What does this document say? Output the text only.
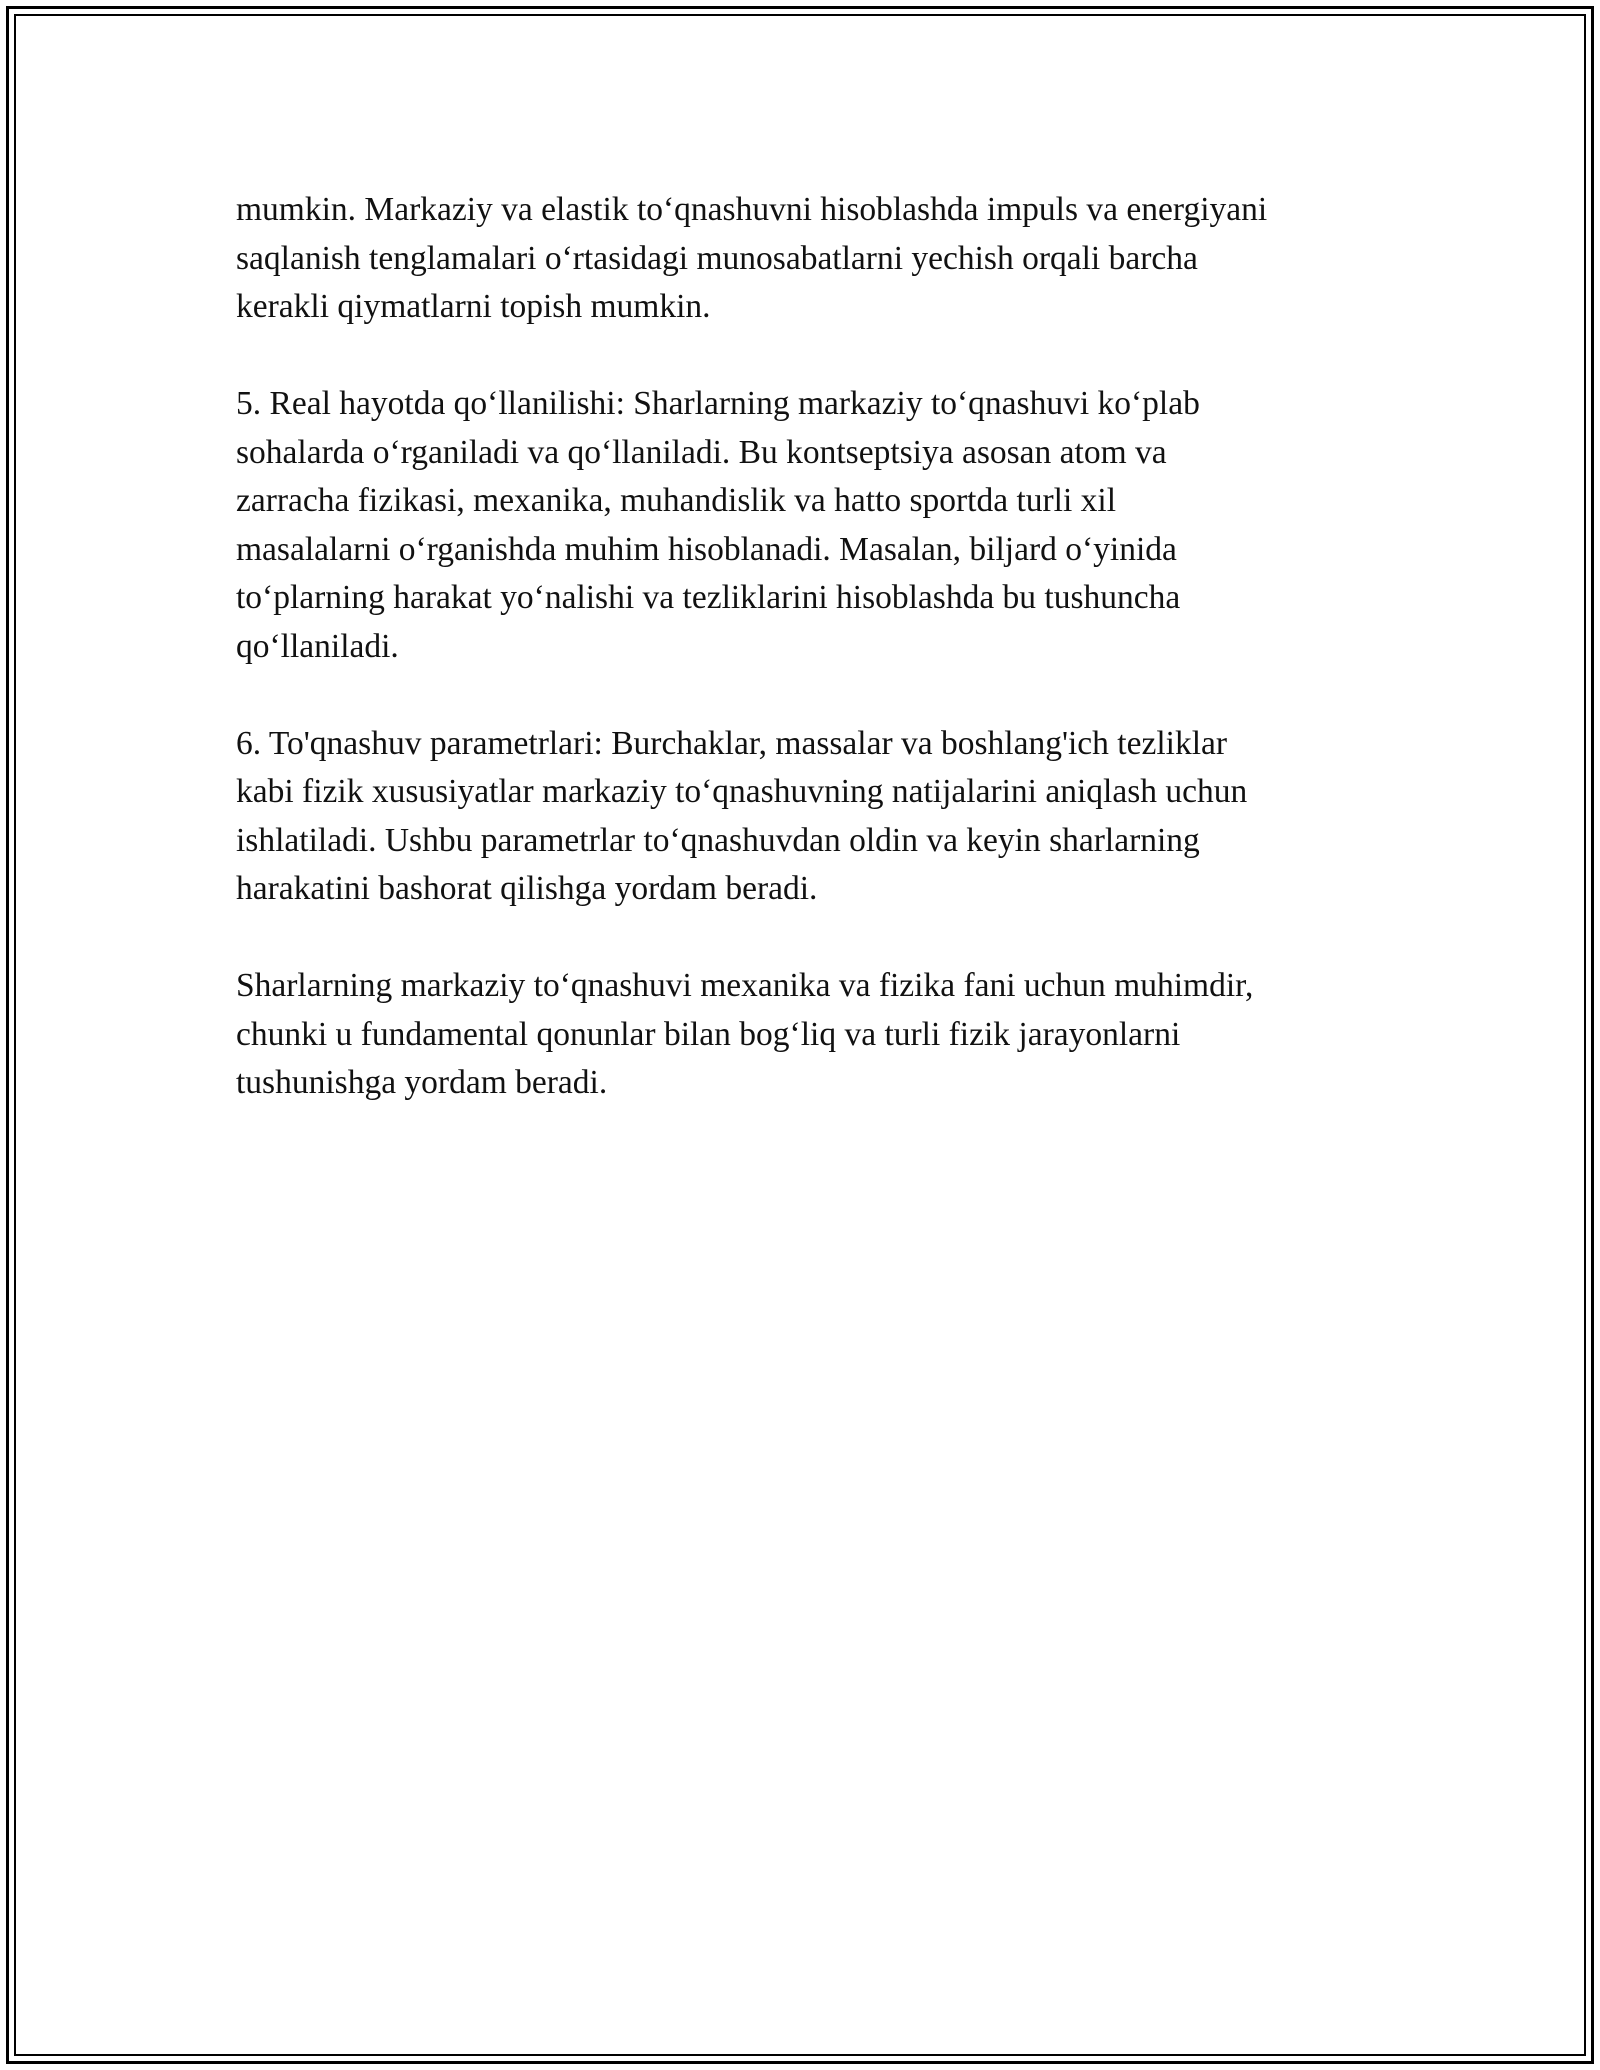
mumkin. Markaziy va elastik to‘qnashuvni hisoblashda impuls va energiyani
saqlanish tenglamalari o‘rtasidagi munosabatlarni yechish orqali barcha
kerakli qiymatlarni topish mumkin.

5. Real hayotda qo‘llanilishi: Sharlarning markaziy to‘qnashuvi ko‘plab
sohalarda o‘rganiladi va qo‘llaniladi. Bu kontseptsiya asosan atom va
zarracha fizikasi, mexanika, muhandislik va hatto sportda turli xil
masalalarni o‘rganishda muhim hisoblanadi. Masalan, biljard o‘yinida
to‘plarning harakat yo‘nalishi va tezliklarini hisoblashda bu tushuncha
qo‘llaniladi.

6. To'qnashuv parametrlari: Burchaklar, massalar va boshlang'ich tezliklar
kabi fizik xususiyatlar markaziy to‘qnashuvning natijalarini aniqlash uchun
ishlatiladi. Ushbu parametrlar to‘qnashuvdan oldin va keyin sharlarning
harakatini bashorat qilishga yordam beradi.

Sharlarning markaziy to‘qnashuvi mexanika va fizika fani uchun muhimdir,
chunki u fundamental qonunlar bilan bog‘liq va turli fizik jarayonlarni
tushunishga yordam beradi.
